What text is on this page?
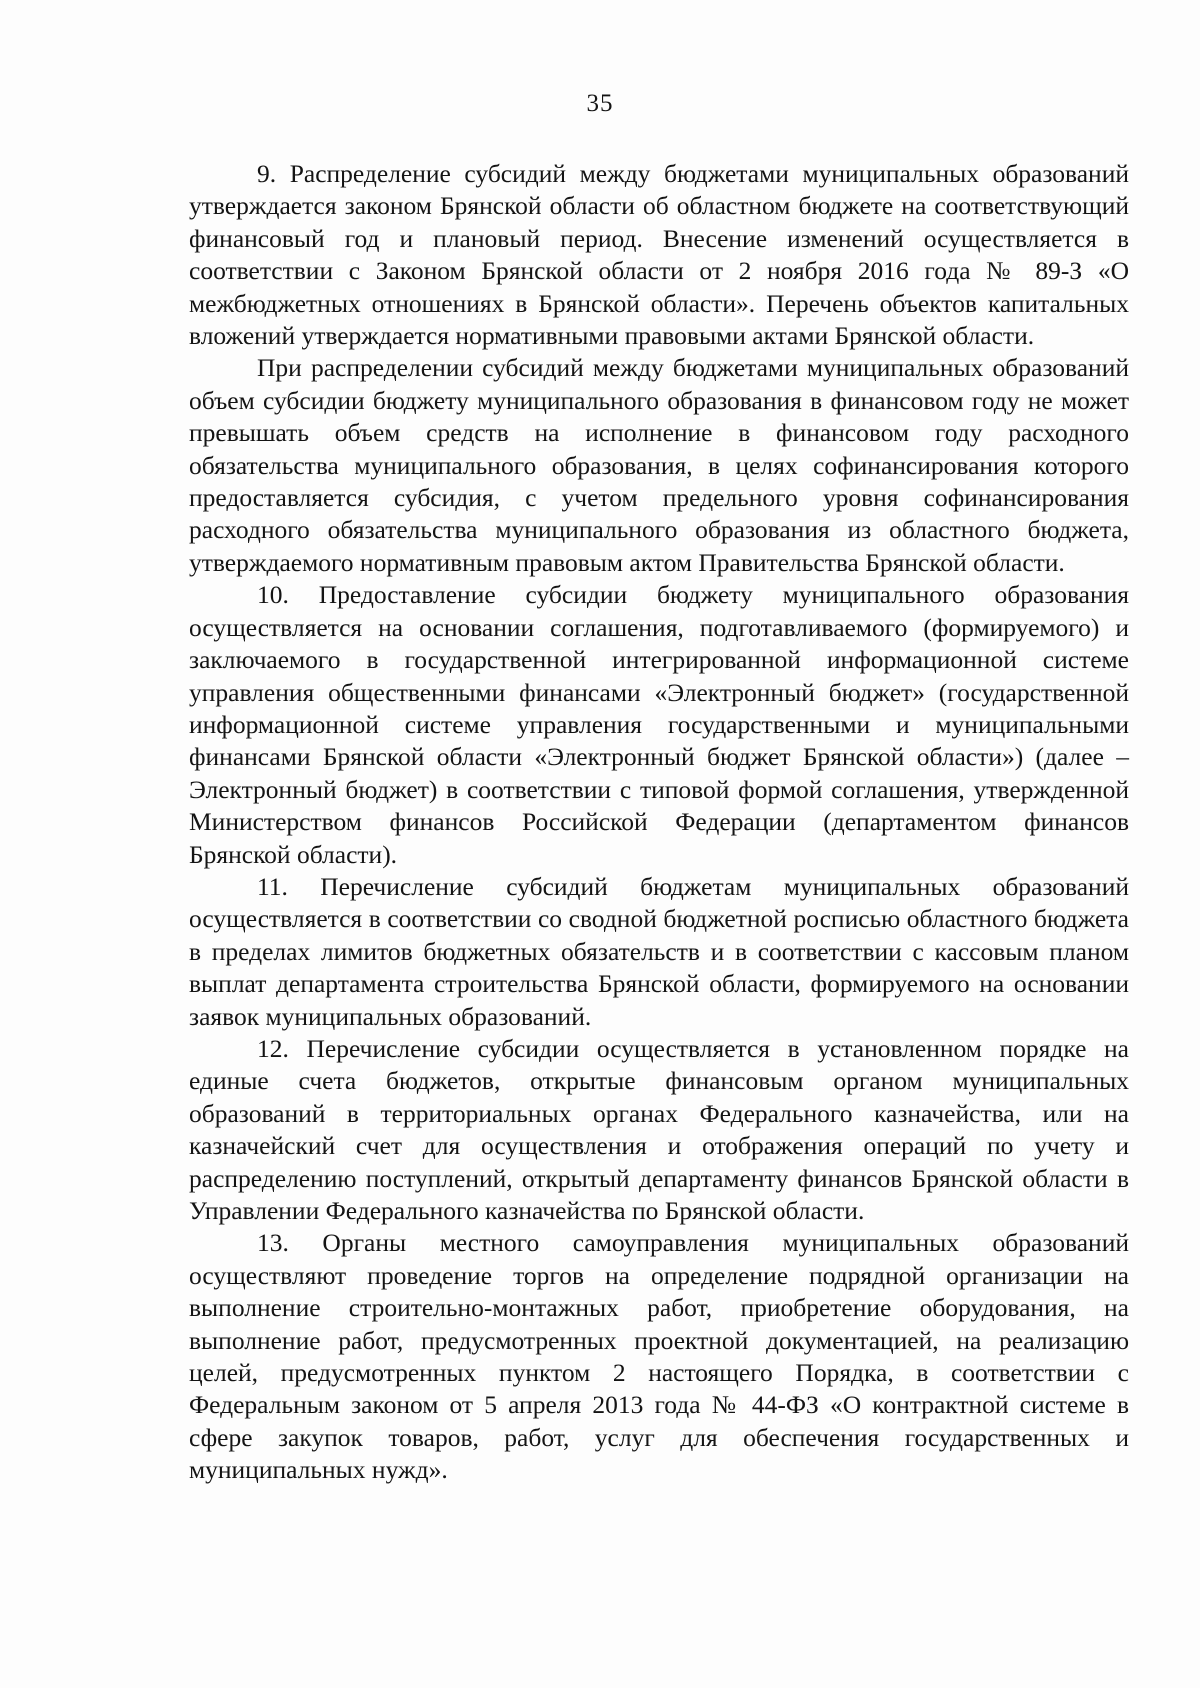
35

9. Распределение субсидий между бюджетами муниципальных образований утверждается законом Брянской области об областном бюджете на соответствующий финансовый год и плановый период. Внесение изменений осуществляется в соответствии с Законом Брянской области от 2 ноября 2016 года № 89-З «О межбюджетных отношениях в Брянской области». Перечень объектов капитальных вложений утверждается нормативными правовыми актами Брянской области.

При распределении субсидий между бюджетами муниципальных образований объем субсидии бюджету муниципального образования в финансовом году не может превышать объем средств на исполнение в финансовом году расходного обязательства муниципального образования, в целях софинансирования которого предоставляется субсидия, с учетом предельного уровня софинансирования расходного обязательства муниципального образования из областного бюджета, утверждаемого нормативным правовым актом Правительства Брянской области.

10. Предоставление субсидии бюджету муниципального образования осуществляется на основании соглашения, подготавливаемого (формируемого) и заключаемого в государственной интегрированной информационной системе управления общественными финансами «Электронный бюджет» (государственной информационной системе управления государственными и муниципальными финансами Брянской области «Электронный бюджет Брянской области») (далее – Электронный бюджет) в соответствии с типовой формой соглашения, утвержденной Министерством финансов Российской Федерации (департаментом финансов Брянской области).

11. Перечисление субсидий бюджетам муниципальных образований осуществляется в соответствии со сводной бюджетной росписью областного бюджета в пределах лимитов бюджетных обязательств и в соответствии с кассовым планом выплат департамента строительства Брянской области, формируемого на основании заявок муниципальных образований.

12. Перечисление субсидии осуществляется в установленном порядке на единые счета бюджетов, открытые финансовым органом муниципальных образований в территориальных органах Федерального казначейства, или на казначейский счет для осуществления и отображения операций по учету и распределению поступлений, открытый департаменту финансов Брянской области в Управлении Федерального казначейства по Брянской области.

13. Органы местного самоуправления муниципальных образований осуществляют проведение торгов на определение подрядной организации на выполнение строительно-монтажных работ, приобретение оборудования, на выполнение работ, предусмотренных проектной документацией, на реализацию целей, предусмотренных пунктом 2 настоящего Порядка, в соответствии с Федеральным законом от 5 апреля 2013 года № 44-ФЗ «О контрактной системе в сфере закупок товаров, работ, услуг для обеспечения государственных и муниципальных нужд».
